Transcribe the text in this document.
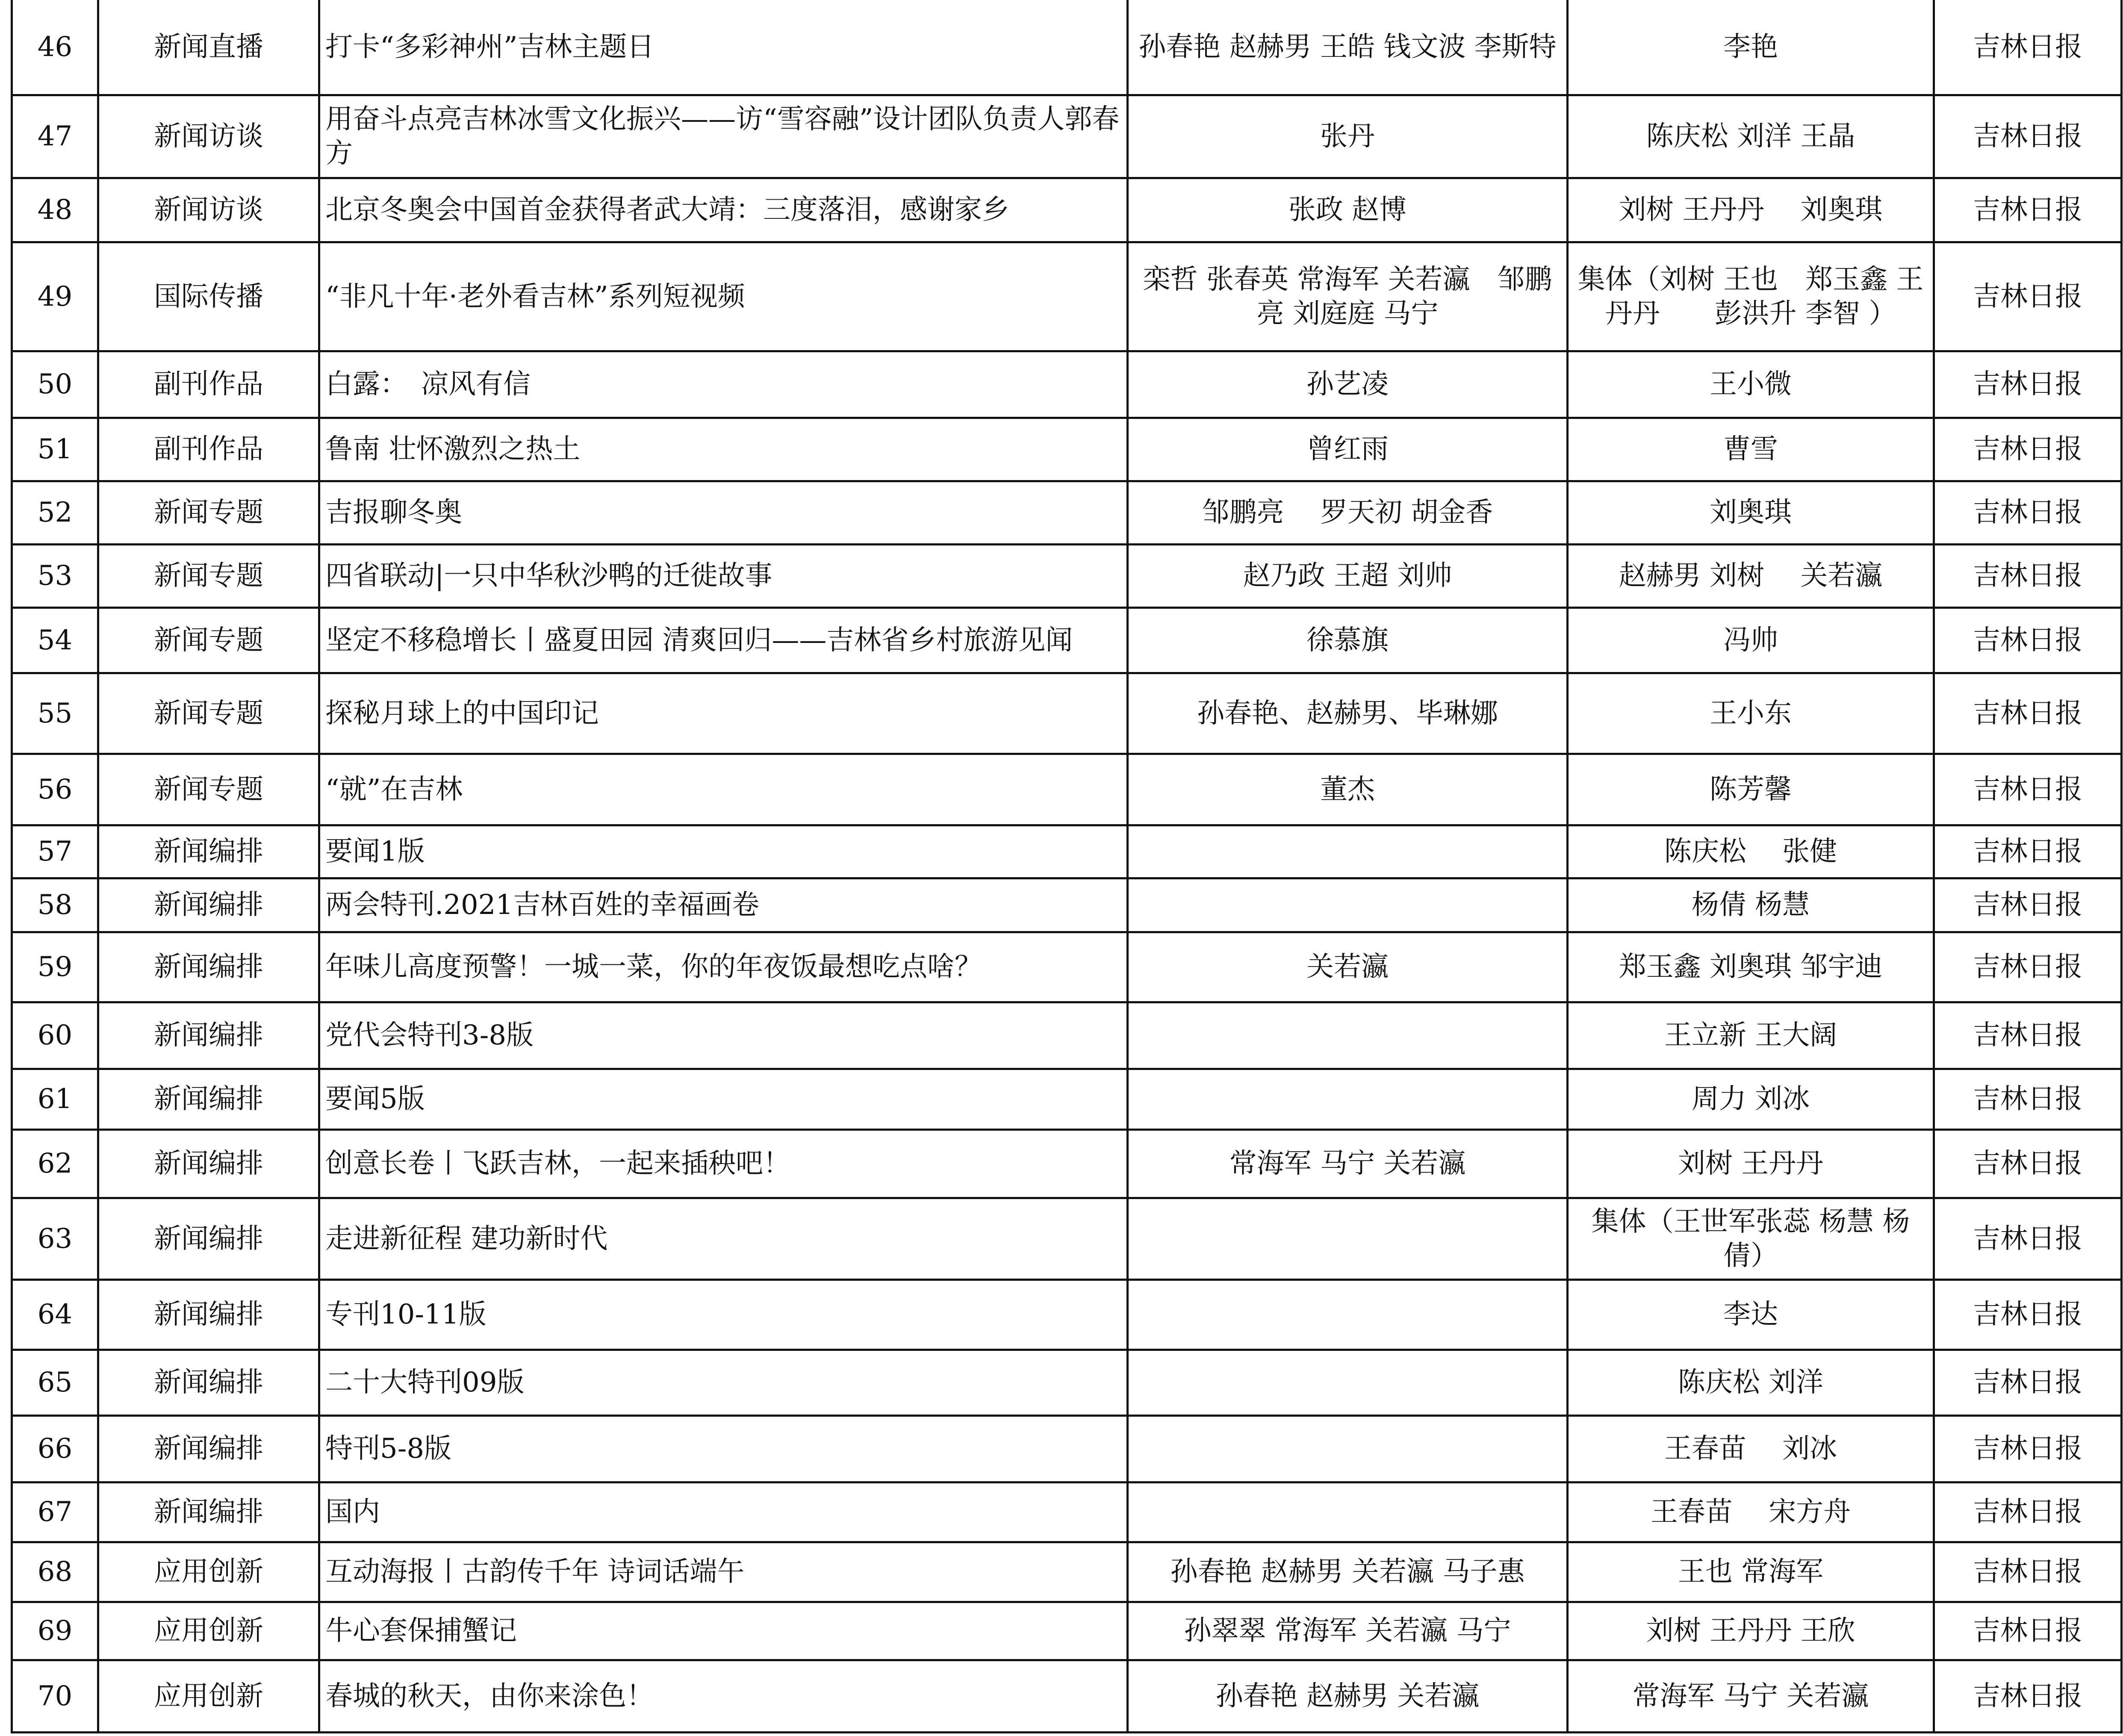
46	新闻直播	打卡“多彩神州”吉林主题日	孙春艳 赵赫男 王皓 钱文波 李斯特	李艳	吉林日报
47	新闻访谈	用奋斗点亮吉林冰雪文化振兴——访“雪容融”设计团队负责人郭春方	张丹	陈庆松 刘洋 王晶	吉林日报
48	新闻访谈	北京冬奥会中国首金获得者武大靖：三度落泪，感谢家乡	张政 赵博	刘树 王丹丹　 刘奥琪	吉林日报
49	国际传播	“非凡十年·老外看吉林”系列短视频	栾哲 张春英 常海军 关若瀛　邹鹏亮 刘庭庭 马宁	集体（刘树 王也　郑玉鑫 王丹丹　　彭洪升 李智 ）	吉林日报
50	副刊作品	白露：　凉风有信	孙艺凌	王小微	吉林日报
51	副刊作品	鲁南 壮怀激烈之热土	曾红雨	曹雪	吉林日报
52	新闻专题	吉报聊冬奥	邹鹏亮　 罗天初 胡金香	刘奥琪	吉林日报
53	新闻专题	四省联动|一只中华秋沙鸭的迁徙故事	赵乃政 王超 刘帅	赵赫男 刘树　 关若瀛	吉林日报
54	新闻专题	坚定不移稳增长丨盛夏田园 清爽回归——吉林省乡村旅游见闻	徐慕旗	冯帅	吉林日报
55	新闻专题	探秘月球上的中国印记	孙春艳、赵赫男、毕琳娜	王小东	吉林日报
56	新闻专题	“就”在吉林	董杰	陈芳馨	吉林日报
57	新闻编排	要闻1版		陈庆松　 张健	吉林日报
58	新闻编排	两会特刊.2021吉林百姓的幸福画卷		杨倩 杨慧	吉林日报
59	新闻编排	年味儿高度预警！一城一菜，你的年夜饭最想吃点啥？	关若瀛	郑玉鑫 刘奥琪 邹宇迪	吉林日报
60	新闻编排	党代会特刊3-8版		王立新 王大阔	吉林日报
61	新闻编排	要闻5版		周力 刘冰	吉林日报
62	新闻编排	创意长卷丨飞跃吉林，一起来插秧吧！	常海军 马宁 关若瀛	刘树 王丹丹	吉林日报
63	新闻编排	走进新征程 建功新时代		集体（王世军张蕊 杨慧 杨倩）	吉林日报
64	新闻编排	专刊10-11版		李达	吉林日报
65	新闻编排	二十大特刊09版		陈庆松 刘洋	吉林日报
66	新闻编排	特刊5-8版		王春苗　 刘冰	吉林日报
67	新闻编排	国内		王春苗　 宋方舟	吉林日报
68	应用创新	互动海报丨古韵传千年 诗词话端午	孙春艳 赵赫男 关若瀛 马子惠	王也 常海军	吉林日报
69	应用创新	牛心套保捕蟹记	孙翠翠 常海军 关若瀛 马宁	刘树 王丹丹 王欣	吉林日报
70	应用创新	春城的秋天，由你来涂色！	孙春艳 赵赫男 关若瀛	常海军 马宁 关若瀛	吉林日报
